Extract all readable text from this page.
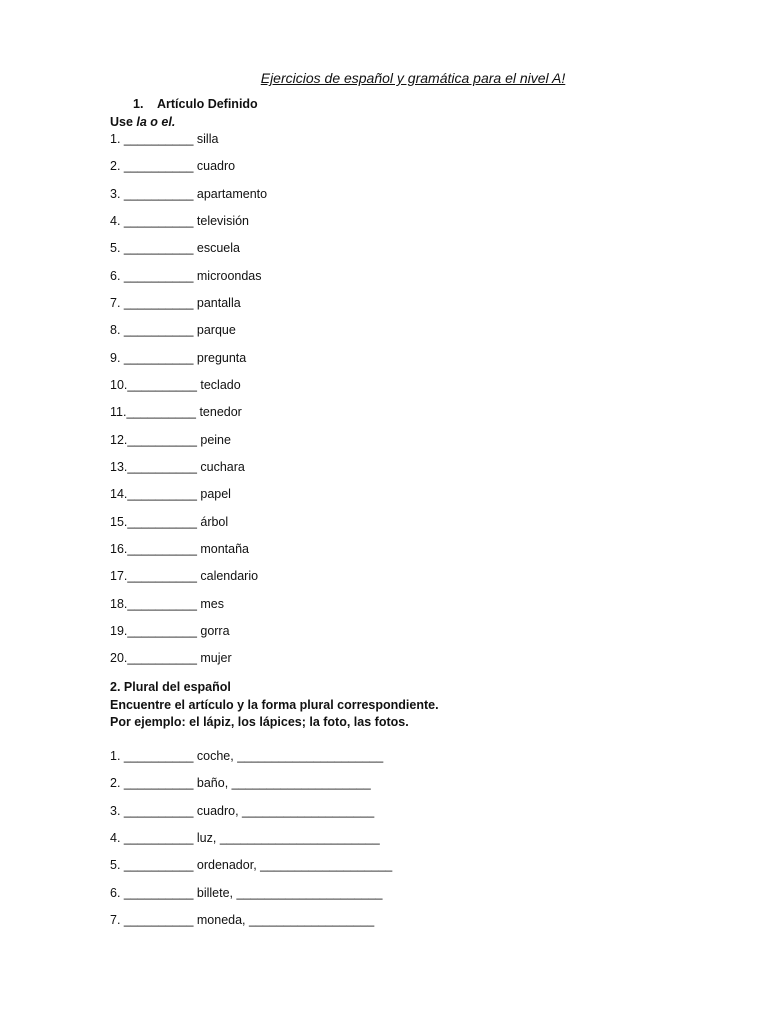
Ejercicios de español y gramática para el nivel A!
1. Artículo Definido
Use la o el.
1. __________ silla
2. __________ cuadro
3. __________ apartamento
4. __________ televisión
5. __________ escuela
6. __________ microondas
7. __________ pantalla
8. __________ parque
9. __________ pregunta
10.__________ teclado
11.__________ tenedor
12.__________ peine
13.__________ cuchara
14.__________ papel
15.__________ árbol
16.__________ montaña
17.__________ calendario
18.__________ mes
19.__________ gorra
20.__________ mujer
2. Plural del español
Encuentre el artículo y la forma plural correspondiente.
Por ejemplo: el lápiz, los lápices; la foto, las fotos.
1. __________ coche, _____________________
2. __________ baño, ____________________
3. __________ cuadro, ___________________
4. __________ luz, _______________________
5. __________ ordenador, ___________________
6. __________ billete, _____________________
7. __________ moneda, __________________
